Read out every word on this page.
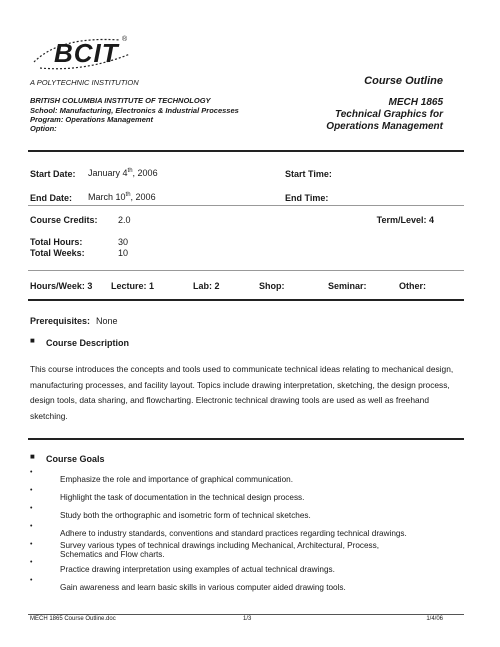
BCIT ®
A POLYTECHNIC INSTITUTION	Course Outline
BRITISH COLUMBIA INSTITUTE OF TECHNOLOGY
School: Manufacturing, Electronics & Industrial Processes
Program: Operations Management
Option:
MECH 1865
Technical Graphics for
Operations Management
Start Date: January 4th, 2006	Start Time:
End Date: March 10th, 2006	End Time:
Course Credits: 2.0	Term/Level: 4
Total Hours:	30
Total Weeks:	10
Hours/Week: 3 Lecture: 1	Lab: 2	Shop:	Seminar:	Other:
Prerequisites: None
■ Course Description
This course introduces the concepts and tools used to communicate technical ideas relating to mechanical design, manufacturing processes, and facility layout. Topics include drawing interpretation, sketching, the design process, design tools, data sharing, and flowcharting. Electronic technical drawing tools are used as well as freehand sketching.
■ Course Goals
•
Emphasize the role and importance of graphical communication.
•
Highlight the task of documentation in the technical design process.
•
Study both the orthographic and isometric form of technical sketches.
•
Adhere to industry standards, conventions and standard practices regarding technical drawings.
•	Survey various types of technical drawings including Mechanical, Architectural, Process, Schematics and Flow charts.
•
Practice drawing interpretation using examples of actual technical drawings.
•
Gain awareness and learn basic skills in various computer aided drawing tools.
MECH 1865 Course Outline.doc	1/3	1/4/06
